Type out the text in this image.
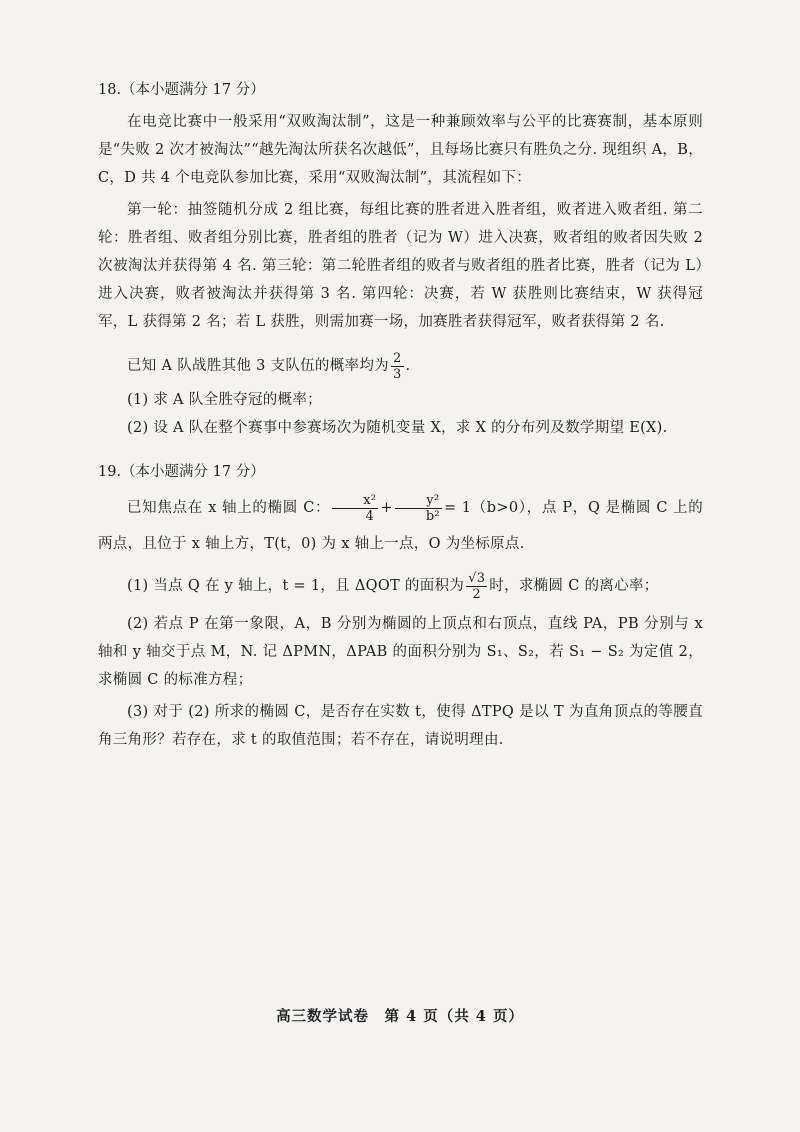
18.（本小题满分 17 分）

在电竞比赛中一般采用“双败淘汰制”，这是一种兼顾效率与公平的比赛赛制，基本原则是“失败 2 次才被淘汰”“越先淘汰所获名次越低”，且每场比赛只有胜负之分. 现组织 A，B，C，D 共 4 个电竞队参加比赛，采用“双败淘汰制”，其流程如下：

第一轮：抽签随机分成 2 组比赛，每组比赛的胜者进入胜者组，败者进入败者组. 第二轮：胜者组、败者组分别比赛，胜者组的胜者（记为 W）进入决赛，败者组的败者因失败 2 次被淘汰并获得第 4 名. 第三轮：第二轮胜者组的败者与败者组的胜者比赛，胜者（记为 L）进入决赛，败者被淘汰并获得第 3 名. 第四轮：决赛，若 W 获胜则比赛结束，W 获得冠军，L 获得第 2 名；若 L 获胜，则需加赛一场，加赛胜者获得冠军，败者获得第 2 名.

已知 A 队战胜其他 3 支队伍的概率均为 $\frac{2}{3}$ .
(1) 求 A 队全胜夺冠的概率；
(2) 设 A 队在整个赛事中参赛场次为随机变量 X，求 X 的分布列及数学期望 E(X).
19.（本小题满分 17 分）

已知焦点在 x 轴上的椭圆 C： $\frac{\text{x²}}{4} + \frac{\text{y²}}{\text{b²}} = 1(b>0)$，点 P，Q 是椭圆 C 上的两点，且位于 x 轴上方，T(t，0) 为 x 轴上一点，O 为坐标原点.

(1) 当点 Q 在 y 轴上，t = 1，且 ΔQOT 的面积为 $\frac{√3}{2}$ 时，求椭圆 C 的离心率；

(2) 若点 P 在第一象限，A，B 分别为椭圆的上顶点和右顶点，直线 PA，PB 分别与 x 轴和 y 轴交于点 M，N. 记 ΔPMN，ΔPAB 的面积分别为 S₁、S₂，若 S₁ − S₂ 为定值 2，求椭圆 C 的标准方程；

(3) 对于 (2) 所求的椭圆 C，是否存在实数 t，使得 ΔTPQ 是以 T 为直角顶点的等腰直角三角形？若存在，求 t 的取值范围；若不存在，请说明理由.

高三数学试卷　第 4 页（共 4 页）
